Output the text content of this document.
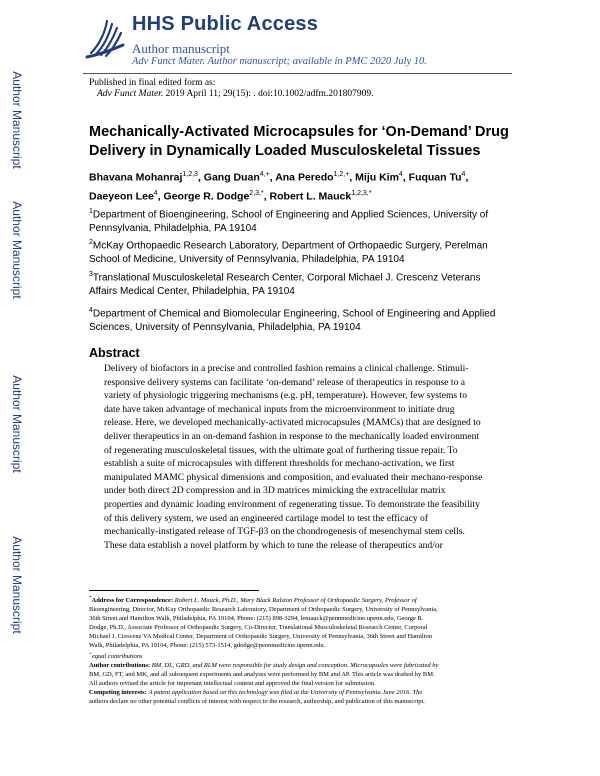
HHS Public Access
Author manuscript
Adv Funct Mater. Author manuscript; available in PMC 2020 July 10.
Published in final edited form as:
Adv Funct Mater. 2019 April 11; 29(15): . doi:10.1002/adfm.201807909.
Author Manuscript
Author Manuscript
Author Manuscript
Author Manuscript
Mechanically-Activated Microcapsules for ‘On-Demand’ Drug Delivery in Dynamically Loaded Musculoskeletal Tissues
Bhavana Mohanraj$^{1,2,3}$, Gang Duan$^{4,+}$, Ana Peredo$^{1,2,+}$, Miju Kim$^4$, Fuquan Tu$^4$, Daeyeon Lee$^4$, George R. Dodge$^{2,3,*}$, Robert L. Mauck$^{1,2,3,*}$
$^1$Department of Bioengineering, School of Engineering and Applied Sciences, University of Pennsylvania, Philadelphia, PA 19104
$^2$McKay Orthopaedic Research Laboratory, Department of Orthopaedic Surgery, Perelman School of Medicine, University of Pennsylvania, Philadelphia, PA 19104
$^3$Translational Musculoskeletal Research Center, Corporal Michael J. Crescenz Veterans Affairs Medical Center, Philadelphia, PA 19104
$^4$Department of Chemical and Biomolecular Engineering, School of Engineering and Applied Sciences, University of Pennsylvania, Philadelphia, PA 19104
Abstract
Delivery of biofactors in a precise and controlled fashion remains a clinical challenge. Stimuli-
responsive delivery systems can facilitate ‘on-demand’ release of therapeutics in response to a
variety of physiologic triggering mechanisms (e.g. pH, temperature). However, few systems to
date have taken advantage of mechanical inputs from the microenvironment to initiate drug
release. Here, we developed mechanically-activated microcapsules (MAMCs) that are designed to
deliver therapeutics in an on-demand fashion in response to the mechanically loaded environment
of regenerating musculoskeletal tissues, with the ultimate goal of furthering tissue repair. To
establish a suite of microcapsules with different thresholds for mechano-activation, we first
manipulated MAMC physical dimensions and composition, and evaluated their mechano-response
under both direct 2D compression and in 3D matrices mimicking the extracellular matrix
properties and dynamic loading environment of regenerating tissue. To demonstrate the feasibility
of this delivery system, we used an engineered cartilage model to test the efficacy of
mechanically-instigated release of TGF-β3 on the chondrogenesis of mesenchymal stem cells.
These data establish a novel platform by which to tune the release of therapeutics and/or
*Address for Correspondence: Robert L. Mauck, Ph.D., Mary Black Ralston Professor of Orthopaedic Surgery, Professor of
Bioengineering, Director, McKay Orthopaedic Research Laboratory, Department of Orthopaedic Surgery, University of Pennsylvania,
36th Street and Hamilton Walk, Philadelphia, PA 19104, Phone: (215) 898-3294, lemauck@pennmedicine.upenn.edu, George R.
Dodge, Ph.D., Associate Professor of Orthopaedic Surgery, Co-Director, Translational Musculoskeletal Research Center, Corporal
Michael J. Crescenz VA Medical Center, Department of Orthopaedic Surgery, University of Pennsylvania, 36th Street and Hamilton
Walk, Philadelphia, PA 19104, Phone: (215) 573-1514, gdodge@pennmedicine.upenn.edu.
+equal contributions
Author contributions: BM, DL, GRD, and RLM were responsible for study design and conception. Microcapsules were fabricated by
BM, GD, FT, and MK, and all subsequent experiments and analyses were performed by BM and AP. This article was drafted by BM.
All authors revised the article for important intellectual content and approved the final version for submission.
Competing interests: A patent application based on this technology was filed at the University of Pennsylvania June 2016. The
authors declare no other potential conflicts of interest with respect to the research, authorship, and publication of this manuscript.
